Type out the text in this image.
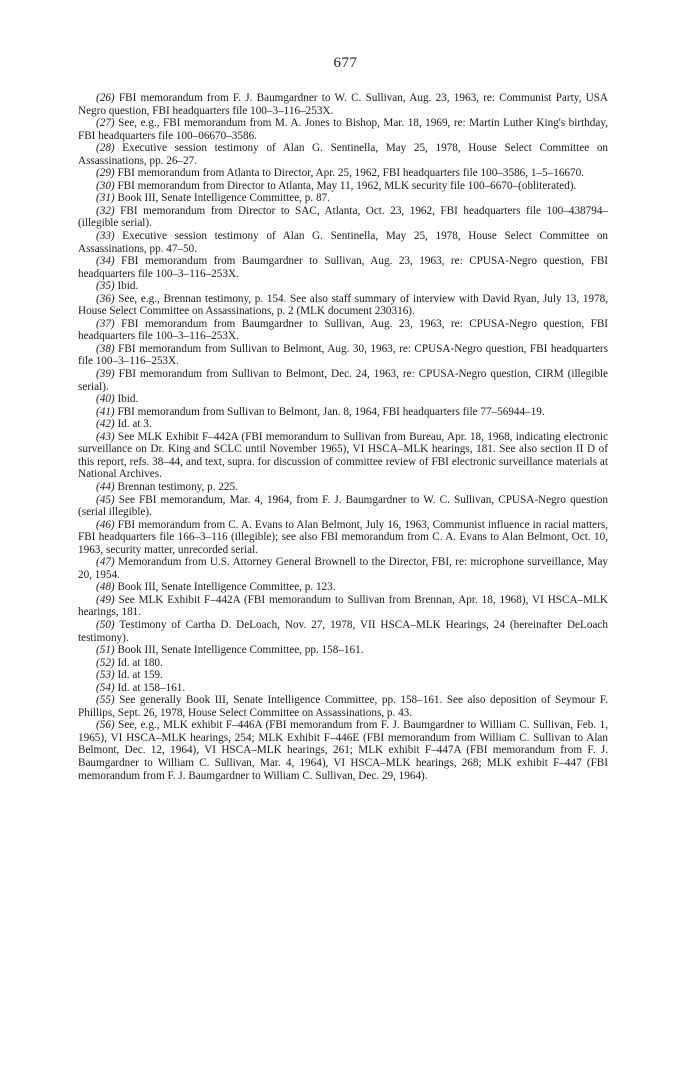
677

(26) FBI memorandum from F. J. Baumgardner to W. C. Sullivan, Aug. 23, 1963, re: Communist Party, USA Negro question, FBI headquarters file 100–3–116–253X.

(27) See, e.g., FBI memorandum from M. A. Jones to Bishop, Mar. 18, 1969, re: Martin Luther King's birthday, FBI headquarters file 100–06670–3586.

(28) Executive session testimony of Alan G. Sentinella, May 25, 1978, House Select Committee on Assassinations, pp. 26–27.

(29) FBI memorandum from Atlanta to Director, Apr. 25, 1962, FBI headquarters file 100–3586, 1–5–16670.

(30) FBI memorandum from Director to Atlanta, May 11, 1962, MLK security file 100–6670–(obliterated).

(31) Book III, Senate Intelligence Committee, p. 87.

(32) FBI memorandum from Director to SAC, Atlanta, Oct. 23, 1962, FBI headquarters file 100–438794–(illegible serial).

(33) Executive session testimony of Alan G. Sentinella, May 25, 1978, House Select Committee on Assassinations, pp. 47–50.

(34) FBI memorandum from Baumgardner to Sullivan, Aug. 23, 1963, re: CPUSA-Negro question, FBI headquarters file 100–3–116–253X.

(35) Ibid.

(36) See, e.g., Brennan testimony, p. 154. See also staff summary of interview with David Ryan, July 13, 1978, House Select Committee on Assassinations, p. 2 (MLK document 230316).

(37) FBI memorandum from Baumgardner to Sullivan, Aug. 23, 1963, re: CPUSA-Negro question, FBI headquarters file 100–3–116–253X.

(38) FBI memorandum from Sullivan to Belmont, Aug. 30, 1963, re: CPUSA-Negro question, FBI headquarters file 100–3–116–253X.

(39) FBI memorandum from Sullivan to Belmont, Dec. 24, 1963, re: CPUSA-Negro question, CIRM (illegible serial).

(40) Ibid.

(41) FBI memorandum from Sullivan to Belmont, Jan. 8, 1964, FBI headquarters file 77–56944–19.

(42) Id. at 3.

(43) See MLK Exhibit F–442A (FBI memorandum to Sullivan from Bureau, Apr. 18, 1968, indicating electronic surveillance on Dr. King and SCLC until November 1965), VI HSCA–MLK hearings, 181. See also section II D of this report, refs. 38–44, and text, supra. for discussion of committee review of FBI electronic surveillance materials at National Archives.

(44) Brennan testimony, p. 225.

(45) See FBI memorandum, Mar. 4, 1964, from F. J. Baumgardner to W. C. Sullivan, CPUSA-Negro question (serial illegible).

(46) FBI memorandum from C. A. Evans to Alan Belmont, July 16, 1963, Communist influence in racial matters, FBI headquarters file 166–3–116 (illegible); see also FBI memorandum from C. A. Evans to Alan Belmont, Oct. 10, 1963, security matter, unrecorded serial.

(47) Memorandum from U.S. Attorney General Brownell to the Director, FBI, re: microphone surveillance, May 20, 1954.

(48) Book III, Senate Intelligence Committee, p. 123.

(49) See MLK Exhibit F–442A (FBI memorandum to Sullivan from Brennan, Apr. 18, 1968), VI HSCA–MLK hearings, 181.

(50) Testimony of Cartha D. DeLoach, Nov. 27, 1978, VII HSCA–MLK Hearings, 24 (hereinafter DeLoach testimony).

(51) Book III, Senate Intelligence Committee, pp. 158–161.

(52) Id. at 180.

(53) Id. at 159.

(54) Id. at 158–161.

(55) See generally Book III, Senate Intelligence Committee, pp. 158–161. See also deposition of Seymour F. Phillips, Sept. 26, 1978, House Select Committee on Assassinations, p. 43.

(56) See, e.g., MLK exhibit F–446A (FBI memorandum from F. J. Baumgardner to William C. Sullivan, Feb. 1, 1965), VI HSCA–MLK hearings, 254; MLK Exhibit F–446E (FBI memorandum from William C. Sullivan to Alan Belmont, Dec. 12, 1964), VI HSCA–MLK hearings, 261; MLK exhibit F–447A (FBI memorandum from F. J. Baumgardner to William C. Sullivan, Mar. 4, 1964), VI HSCA–MLK hearings, 268; MLK exhibit F–447 (FBI memorandum from F. J. Baumgardner to William C. Sullivan, Dec. 29, 1964).
